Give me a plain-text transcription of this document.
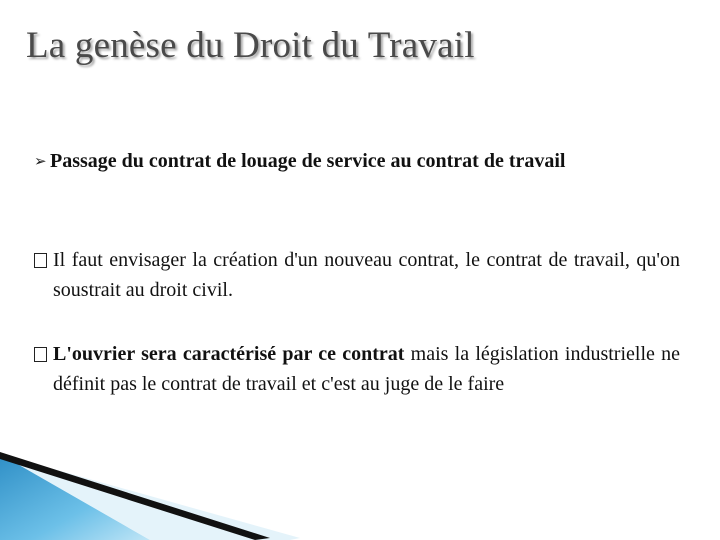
La genèse du Droit du Travail
➢ Passage du contrat de louage de service au contrat de travail
Il faut envisager la création d'un nouveau contrat, le contrat de travail, qu'on soustrait au droit civil.
L'ouvrier sera caractérisé par ce contrat mais la législation industrielle ne définit pas le contrat de travail et c'est au juge de le faire
